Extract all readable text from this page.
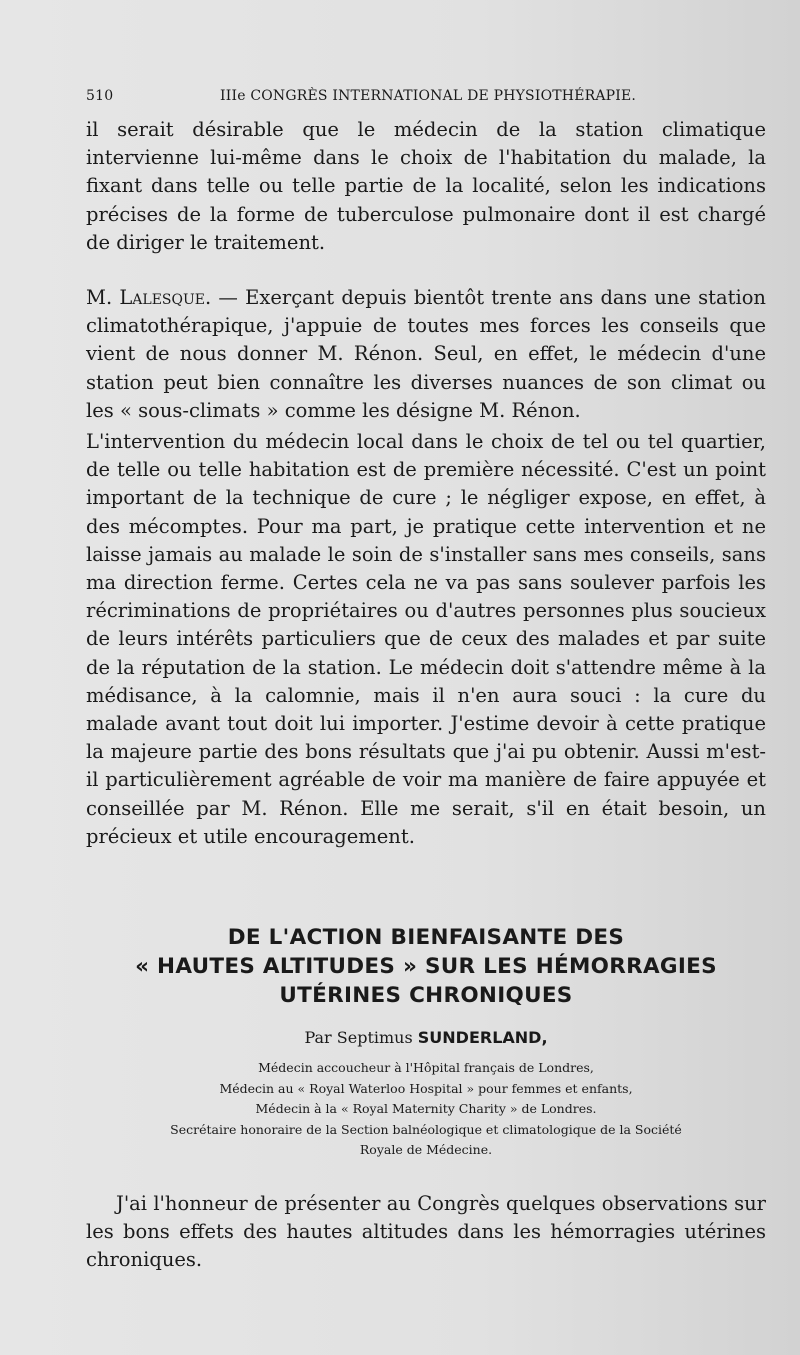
510	IIIe CONGRÈS INTERNATIONAL DE PHYSIOTHÉRAPIE.

il serait désirable que le médecin de la station climatique intervienne lui-même dans le choix de l'habitation du malade, la fixant dans telle ou telle partie de la localité, selon les indications précises de la forme de tuberculose pulmonaire dont il est chargé de diriger le traitement.

M. Lalesque. — Exerçant depuis bientôt trente ans dans une station climatothérapique, j'appuie de toutes mes forces les conseils que vient de nous donner M. Rénon. Seul, en effet, le médecin d'une station peut bien connaître les diverses nuances de son climat ou les « sous-climats » comme les désigne M. Rénon.

L'intervention du médecin local dans le choix de tel ou tel quartier, de telle ou telle habitation est de première nécessité. C'est un point important de la technique de cure ; le négliger expose, en effet, à des mécomptes. Pour ma part, je pratique cette intervention et ne laisse jamais au malade le soin de s'installer sans mes conseils, sans ma direction ferme. Certes cela ne va pas sans soulever parfois les récriminations de propriétaires ou d'autres personnes plus soucieux de leurs intérêts particuliers que de ceux des malades et par suite de la réputation de la station. Le médecin doit s'attendre même à la médisance, à la calomnie, mais il n'en aura souci : la cure du malade avant tout doit lui importer. J'estime devoir à cette pratique la majeure partie des bons résultats que j'ai pu obtenir. Aussi m'est-il particulièrement agréable de voir ma manière de faire appuyée et conseillée par M. Rénon. Elle me serait, s'il en était besoin, un précieux et utile encouragement.

DE L'ACTION BIENFAISANTE DES
« HAUTES ALTITUDES » SUR LES HÉMORRAGIES
UTÉRINES CHRONIQUES
Par Septimus SUNDERLAND,
Médecin accoucheur à l'Hôpital français de Londres,
Médecin au « Royal Waterloo Hospital » pour femmes et enfants,
Médecin à la « Royal Maternity Charity » de Londres.
Secrétaire honoraire de la Section balnéologique et climatologique de la Société
Royale de Médecine.

J'ai l'honneur de présenter au Congrès quelques observations sur les bons effets des hautes altitudes dans les hémorragies utérines chroniques.
